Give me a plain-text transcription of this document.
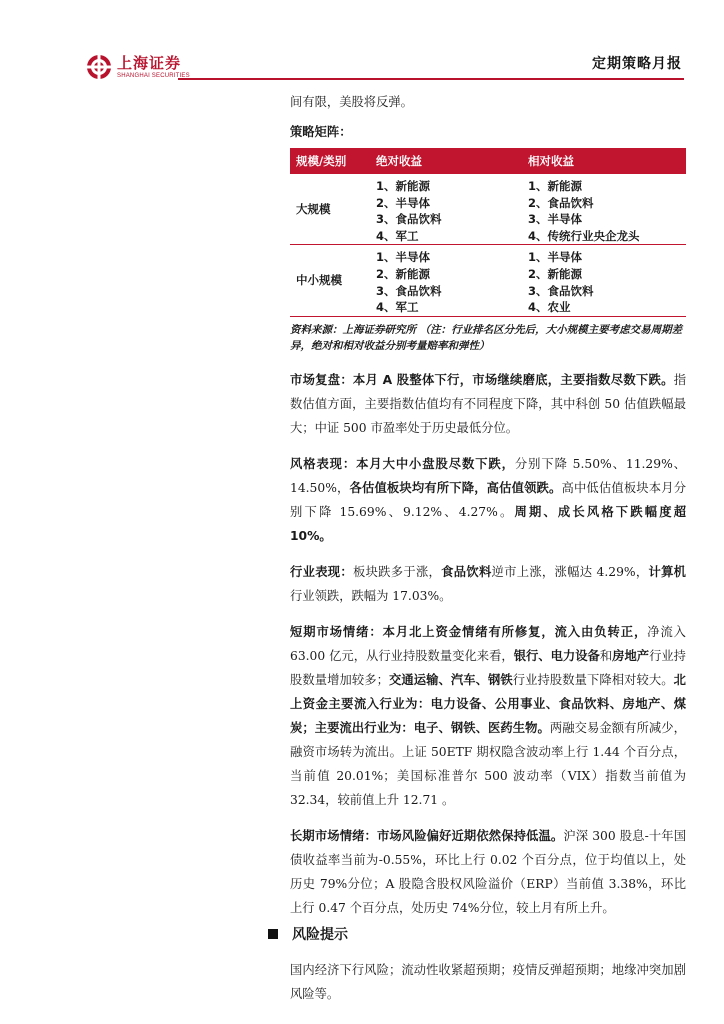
上海证券
SHANGHAI SECURITIES
定期策略月报

间有限，美股将反弹。

策略矩阵：
规模/类别	绝对收益	相对收益
大规模	1、新能源	1、新能源
	2、半导体	2、食品饮料
	3、食品饮料	3、半导体
	4、军工	4、传统行业央企龙头
中小规模	1、半导体	1、半导体
	2、新能源	2、新能源
	3、食品饮料	3、食品饮料
	4、军工	4、农业
资料来源：上海证券研究所 （注：行业排名区分先后，大小规模主要考虑交易周期差异，绝对和相对收益分别考量赔率和弹性）

市场复盘：本月 A 股整体下行，市场继续磨底，主要指数尽数下跌。指数估值方面，主要指数估值均有不同程度下降，其中科创 50 估值跌幅最大；中证 500 市盈率处于历史最低分位。

风格表现：本月大中小盘股尽数下跌，分别下降 5.50%、11.29%、14.50%，各估值板块均有所下降，高估值领跌。高中低估值板块本月分别下降 15.69%、9.12%、4.27%。周期、成长风格下跌幅度超 10%。

行业表现：板块跌多于涨，食品饮料逆市上涨，涨幅达 4.29%，计算机行业领跌，跌幅为 17.03%。

短期市场情绪：本月北上资金情绪有所修复，流入由负转正，净流入 63.00 亿元，从行业持股数量变化来看，银行、电力设备和房地产行业持股数量增加较多；交通运输、汽车、钢铁行业持股数量下降相对较大。北上资金主要流入行业为：电力设备、公用事业、食品饮料、房地产、煤炭；主要流出行业为：电子、钢铁、医药生物。两融交易金额有所减少，融资市场转为流出。上证 50ETF 期权隐含波动率上行 1.44 个百分点，当前值 20.01%；美国标准普尔 500 波动率（VIX）指数当前值为 32.34，较前值上升 12.71 。

长期市场情绪：市场风险偏好近期依然保持低温。沪深 300 股息-十年国债收益率当前为-0.55%，环比上行 0.02 个百分点，位于均值以上，处历史 79%分位；A 股隐含股权风险溢价（ERP）当前值 3.38%，环比上行 0.47 个百分点，处历史 74%分位，较上月有所上升。

风险提示

国内经济下行风险；流动性收紧超预期；疫情反弹超预期；地缘冲突加剧风险等。
